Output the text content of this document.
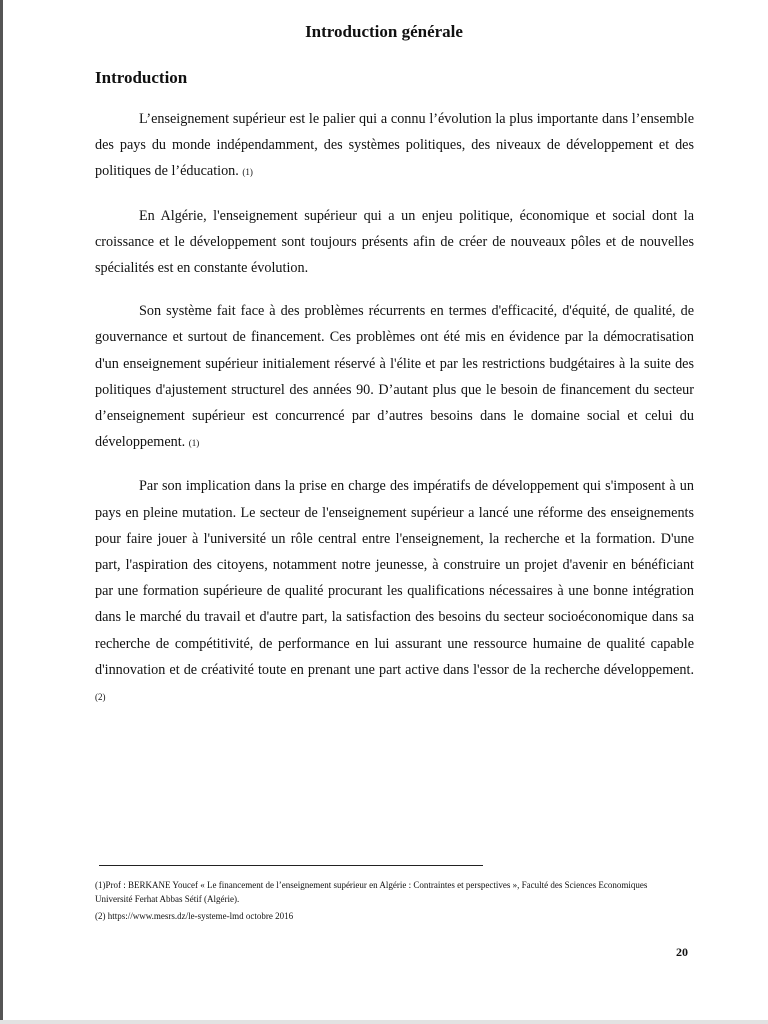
Introduction générale
Introduction

L’enseignement supérieur est le palier qui a connu l’évolution la plus importante dans l’ensemble des pays du monde indépendamment, des systèmes politiques, des niveaux de développement et des politiques de l’éducation. (1)

En Algérie, l'enseignement supérieur qui a un enjeu politique, économique et social dont la croissance et le développement sont toujours présents afin de créer de nouveaux pôles et de nouvelles spécialités est en constante évolution.

Son système fait face à des problèmes récurrents en termes d'efficacité, d'équité, de qualité, de gouvernance et surtout de financement. Ces problèmes ont été mis en évidence par la démocratisation d'un enseignement supérieur initialement réservé à l'élite et par les restrictions budgétaires à la suite des politiques d'ajustement structurel des années 90. D’autant plus que le besoin de financement du secteur d’enseignement supérieur est concurrencé par d’autres besoins dans le domaine social et celui du développement. (1)

Par son implication dans la prise en charge des impératifs de développement qui s'imposent à un pays en pleine mutation. Le secteur de l'enseignement supérieur a lancé une réforme des enseignements pour faire jouer à l'université un rôle central entre l'enseignement, la recherche et la formation. D'une part, l'aspiration des citoyens, notamment notre jeunesse, à construire un projet d'avenir en bénéficiant par une formation supérieure de qualité procurant les qualifications nécessaires à une bonne intégration dans le marché du travail et d'autre part, la satisfaction des besoins du secteur socioéconomique dans sa recherche de compétitivité, de performance en lui assurant une ressource humaine de qualité capable d'innovation et de créativité toute en prenant une part active dans l'essor de la recherche développement.(2)

(1)Prof : BERKANE Youcef « Le financement de l’enseignement supérieur en Algérie : Contraintes et perspectives », Faculté des Sciences Economiques Université Ferhat Abbas Sétif (Algérie).

(2) https://www.mesrs.dz/le-systeme-lmd octobre 2016

20
